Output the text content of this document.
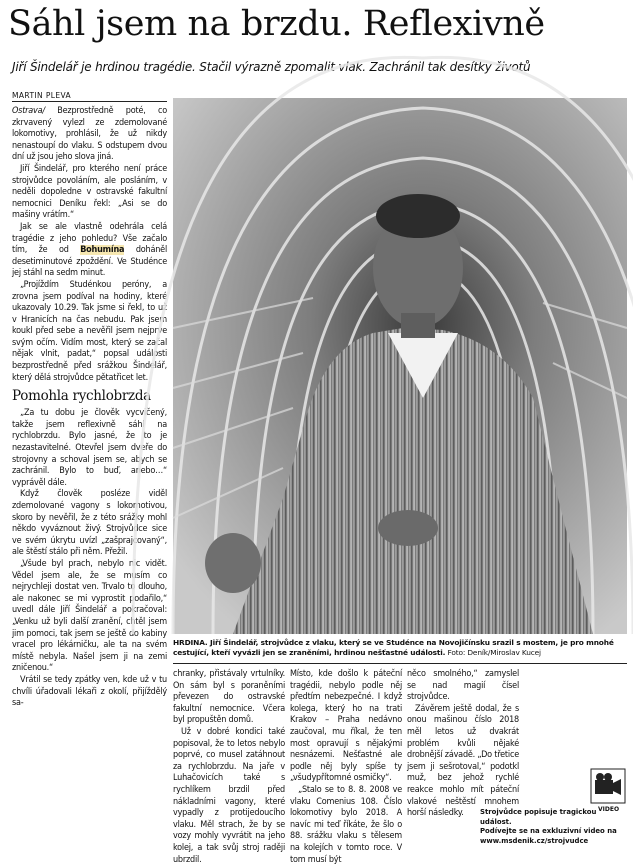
Sáhl jsem na brzdu. Reflexivně
Jiří Šindelář je hrdinou tragédie. Stačil výrazně zpomalit vlak. Zachránil tak desítky životů
MARTIN PLEVA

Ostrava/ Bezprostředně poté, co zkrvavený vylezl ze zdemolované lokomotivy, prohlásil, že už nikdy nenastoupí do vlaku. S odstupem dvou dní už jsou jeho slova jiná.

Jiří Šindelář, pro kterého není práce strojvůdce povoláním, ale posláním, v neděli dopoledne v ostravské fakultní nemocnici Deníku řekl: „Asi se do mašiny vrátím.“

Jak se ale vlastně odehrála celá tragédie z jeho pohledu? Vše začalo tím, že od Bohumína doháněl desetiminutové zpoždění. Ve Studénce jej stáhl na sedm minut.

„Projíždím Studénkou peróny, a zrovna jsem podíval na hodiny, které ukazovaly 10.29. Tak jsme si řekl, to už v Hranicích na čas nebudu. Pak jsem koukl před sebe a nevěřil jsem nejprve svým očím. Vidím most, který se začal nějak vlnit, padat,“ popsal události bezprostředně před srážkou Šindelář, který dělá strojvůdce pětatřicet let.

Pomohla rychlobrzda

„Za tu dobu je člověk vycvičený, takže jsem reflexivně sáhl na rychlobrzdu. Bylo jasné, že to je nezastavitelné. Otevřel jsem dveře do strojovny a schoval jsem se, abych se zachránil. Bylo to buď, anebo…“ vyprávěl dále.

Když člověk posléze viděl zdemolované vagony s lokomotivou, skoro by nevěřil, že z této srážky mohl někdo vyváznout živý. Strojvůdce sice ve svém úkrytu uvízl „zašprajcovaný“, ale štěstí stálo při něm. Přežil.

„Všude byl prach, nebylo nic vidět. Vědel jsem ale, že se musím co nejrychleji dostat ven. Trvalo to dlouho, ale nakonec se mi vyprostit podařilo,“ uvedl dále Jiří Šindelář a pokračoval: „Venku už byli další zranění, chtěl jsem jim pomoci, tak jsem se ještě do kabiny vracel pro lékárničku, ale ta na svém místě nebyla. Našel jsem ji na zemi zničenou.“

Vrátil se tedy zpátky ven, kde už v tu chvíli úřadovali lékaři z okolí, přijíždělý sa-

HRDINA. Jiří Šindelář, strojvůdce z vlaku, který se ve Studénce na Novojičínsku srazil s mostem, je pro mnohé cestující, kteří vyvázli jen se zraněními, hrdinou nešťastné události. Foto: Deník/Miroslav Kucej

chranky, přistávaly vrtulníky. On sám byl s poraněními převezen do ostravské fakultní nemocnice. Včera byl propuštěn domů.

Už v dobré kondici také popisoval, že to letos nebylo poprvé, co musel zatáhnout za rychlobrzdu. Na jaře v Luhačovicích také s rychlíkem brzdil před nákladními vagony, které vypadly z protijedoucího vlaku. Měl strach, že by se vozy mohly vyvrátit na jeho kolej, a tak svůj stroj raději ubrzdil.

Místo, kde došlo k páteční tragédii, nebylo podle něj předtím nebezpečné. I když kolega, který ho na trati Krakov – Praha nedávno zaučoval, mu říkal, že ten most opravují s nějakými nesnázemi. Nešťastné ale podle něj byly spíše ty „všudypřítomné osmičky“.

„Stalo se to 8. 8. 2008 ve vlaku Comenius 108. Číslo lokomotivy bylo 2018. A navíc mi teď říkáte, že šlo o 88. srážku vlaku s tělesem na kolejích v tomto roce. V tom musí být

něco smolného,“ zamyslel se nad magií čísel strojvůdce.

Závěrem ještě dodal, že s onou mašinou číslo 2018 měl letos už dvakrát problém kvůli nějaké drobnější závadě. „Do třetice jsem ji sešrotoval,“ podotkl muž, bez jehož rychlé reakce mohlo mít páteční vlakové neštěstí mnohem horší následky.	VIDEO
Strojvůdce popisuje tragickou událost.
Podívejte se na exkluzivní video na
www.msdenik.cz/strojvudce
